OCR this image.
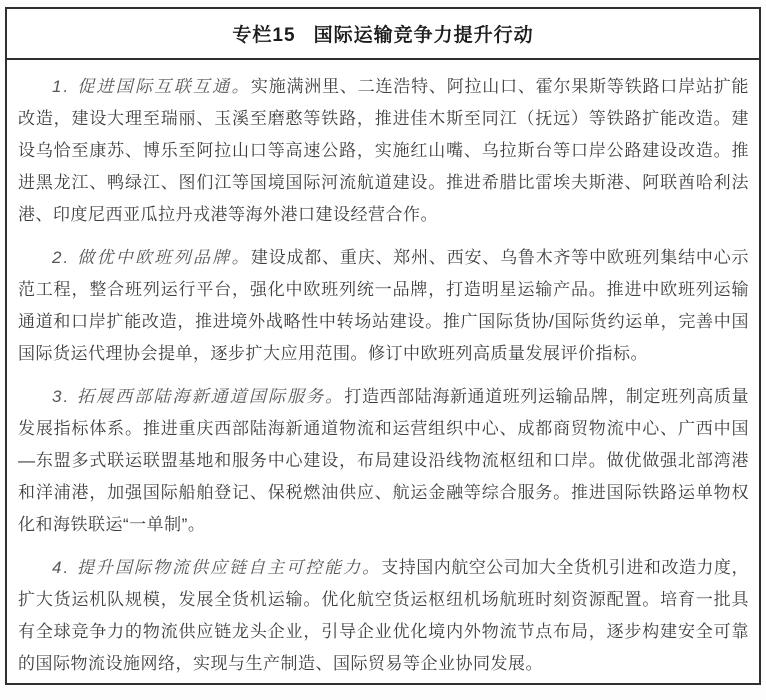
专栏15 国际运输竞争力提升行动

1. 促进国际互联互通。实施满洲里、二连浩特、阿拉山口、霍尔果斯等铁路口岸站扩能改造，建设大理至瑞丽、玉溪至磨憨等铁路，推进佳木斯至同江（抚远）等铁路扩能改造。建设乌恰至康苏、博乐至阿拉山口等高速公路，实施红山嘴、乌拉斯台等口岸公路建设改造。推进黑龙江、鸭绿江、图们江等国境国际河流航道建设。推进希腊比雷埃夫斯港、阿联酋哈利法港、印度尼西亚瓜拉丹戎港等海外港口建设经营合作。

2. 做优中欧班列品牌。建设成都、重庆、郑州、西安、乌鲁木齐等中欧班列集结中心示范工程，整合班列运行平台，强化中欧班列统一品牌，打造明星运输产品。推进中欧班列运输通道和口岸扩能改造，推进境外战略性中转场站建设。推广国际货协/国际货约运单，完善中国国际货运代理协会提单，逐步扩大应用范围。修订中欧班列高质量发展评价指标。

3. 拓展西部陆海新通道国际服务。打造西部陆海新通道班列运输品牌，制定班列高质量发展指标体系。推进重庆西部陆海新通道物流和运营组织中心、成都商贸物流中心、广西中国—东盟多式联运联盟基地和服务中心建设，布局建设沿线物流枢纽和口岸。做优做强北部湾港和洋浦港，加强国际船舶登记、保税燃油供应、航运金融等综合服务。推进国际铁路运单物权化和海铁联运“一单制”。

4. 提升国际物流供应链自主可控能力。支持国内航空公司加大全货机引进和改造力度，扩大货运机队规模，发展全货机运输。优化航空货运枢纽机场航班时刻资源配置。培育一批具有全球竞争力的物流供应链龙头企业，引导企业优化境内外物流节点布局，逐步构建安全可靠的国际物流设施网络，实现与生产制造、国际贸易等企业协同发展。
